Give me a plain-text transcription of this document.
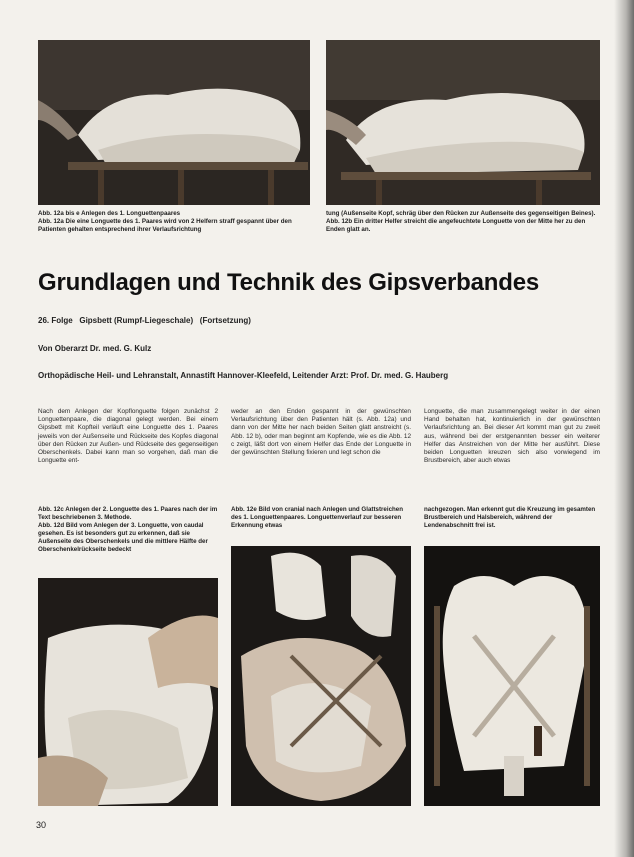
Abb. 12a bis e Anlegen des 1. Longuettenpaares
Abb. 12a Die eine Longuette des 1. Paares wird von 2 Helfern straff gespannt über den Patienten gehalten entsprechend ihrer Verlaufsrichtung
tung (Außenseite Kopf, schräg über den Rücken zur Außenseite des gegenseitigen Beines).
Abb. 12b Ein dritter Helfer streicht die angefeuchtete Longuette von der Mitte her zu den Enden glatt an.
Grundlagen und Technik des Gipsverbandes
26. Folge   Gipsbett (Rumpf-Liegeschale)   (Fortsetzung)
Von Oberarzt Dr. med. G. Kulz
Orthopädische Heil- und Lehranstalt, Annastift Hannover-Kleefeld, Leitender Arzt: Prof. Dr. med. G. Hauberg
Nach dem Anlegen der Kopflonguette folgen zunächst 2 Longuettenpaare, die diagonal gelegt werden. Bei einem Gipsbett mit Kopfteil verläuft eine Longuette des 1. Paares jeweils von der Außenseite und Rückseite des Kopfes diagonal über den Rücken zur Außen- und Rückseite des gegenseitigen Oberschenkels. Dabei kann man so vorgehen, daß man die Longuette ent-
weder an den Enden gespannt in der gewünschten Verlaufsrichtung über den Patienten hält (s. Abb. 12a) und dann von der Mitte her nach beiden Seiten glatt anstreicht (s. Abb. 12 b), oder man beginnt am Kopfende, wie es die Abb. 12 c zeigt, läßt dort von einem Helfer das Ende der Longuette in der gewünschten Stellung fixieren und legt schon die
Longuette, die man zusammengelegt weiter in der einen Hand behalten hat, kontinuierlich in der gewünschten Verlaufsrichtung an. Bei dieser Art kommt man gut zu zweit aus, während bei der erstgenannten besser ein weiterer Helfer das Anstreichen von der Mitte her ausführt. Diese beiden Longuetten kreuzen sich also vorwiegend im Brustbereich, aber auch etwas
Abb. 12c Anlegen der 2. Longuette des 1. Paares nach der im Text beschriebenen 3. Methode.
Abb. 12d Bild vom Anlegen der 3. Longuette, von caudal gesehen. Es ist besonders gut zu erkennen, daß sie Außenseite des Oberschenkels und die mittlere Hälfte der Oberschenkelrückseite bedeckt
Abb. 12e Bild von cranial nach Anlegen und Glattstreichen des 1. Longuettenpaares. Longuettenverlauf zur besseren Erkennung etwas
nachgezogen. Man erkennt gut die Kreuzung im gesamten Brustbereich und Halsbereich, während der Lendenabschnitt frei ist.
30
